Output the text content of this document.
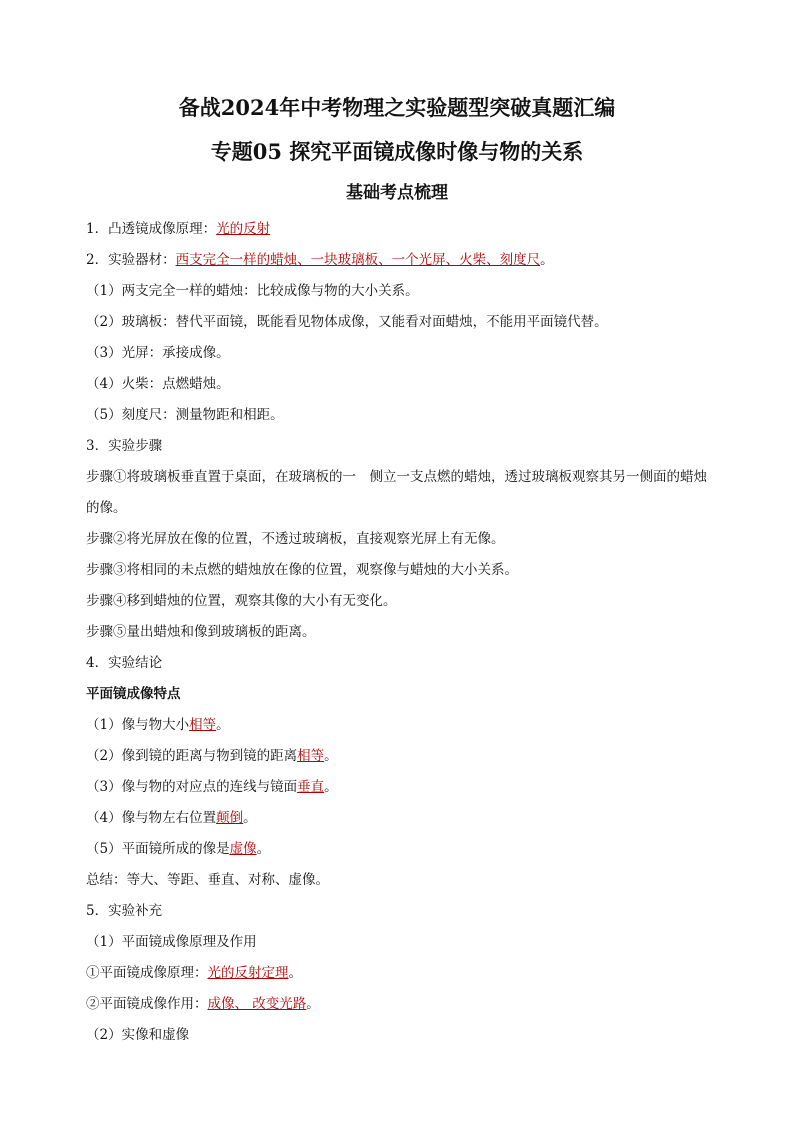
备战2024年中考物理之实验题型突破真题汇编
专题05 探究平面镜成像时像与物的关系
基础考点梳理
1．凸透镜成像原理：光的反射
2．实验器材：西支完全一样的蜡烛、一块玻璃板、一个光屏、火柴、刻度尺。
（1）两支完全一样的蜡烛：比较成像与物的大小关系。
（2）玻璃板：替代平面镜，既能看见物体成像，又能看对面蜡烛，不能用平面镜代替。
（3）光屏：承接成像。
（4）火柴：点燃蜡烛。
（5）刻度尺：测量物距和相距。
3．实验步骤
步骤①将玻璃板垂直置于桌面，在玻璃板的一　侧立一支点燃的蜡烛，透过玻璃板观察其另一侧面的蜡烛的像。
步骤②将光屏放在像的位置，不透过玻璃板，直接观察光屏上有无像。
步骤③将相同的未点燃的蜡烛放在像的位置，观察像与蜡烛的大小关系。
步骤④移到蜡烛的位置，观察其像的大小有无变化。
步骤⑤量出蜡烛和像到玻璃板的距离。
4．实验结论
平面镜成像特点
（1）像与物大小相等。
（2）像到镜的距离与物到镜的距离相等。
（3）像与物的对应点的连线与镜面垂直。
（4）像与物左右位置颠倒。
（5）平面镜所成的像是虚像。
总结：等大、等距、垂直、对称、虚像。
5．实验补充
（1）平面镜成像原理及作用
①平面镜成像原理：光的反射定理。
②平面镜成像作用：成像、 改变光路。
（2）实像和虚像
